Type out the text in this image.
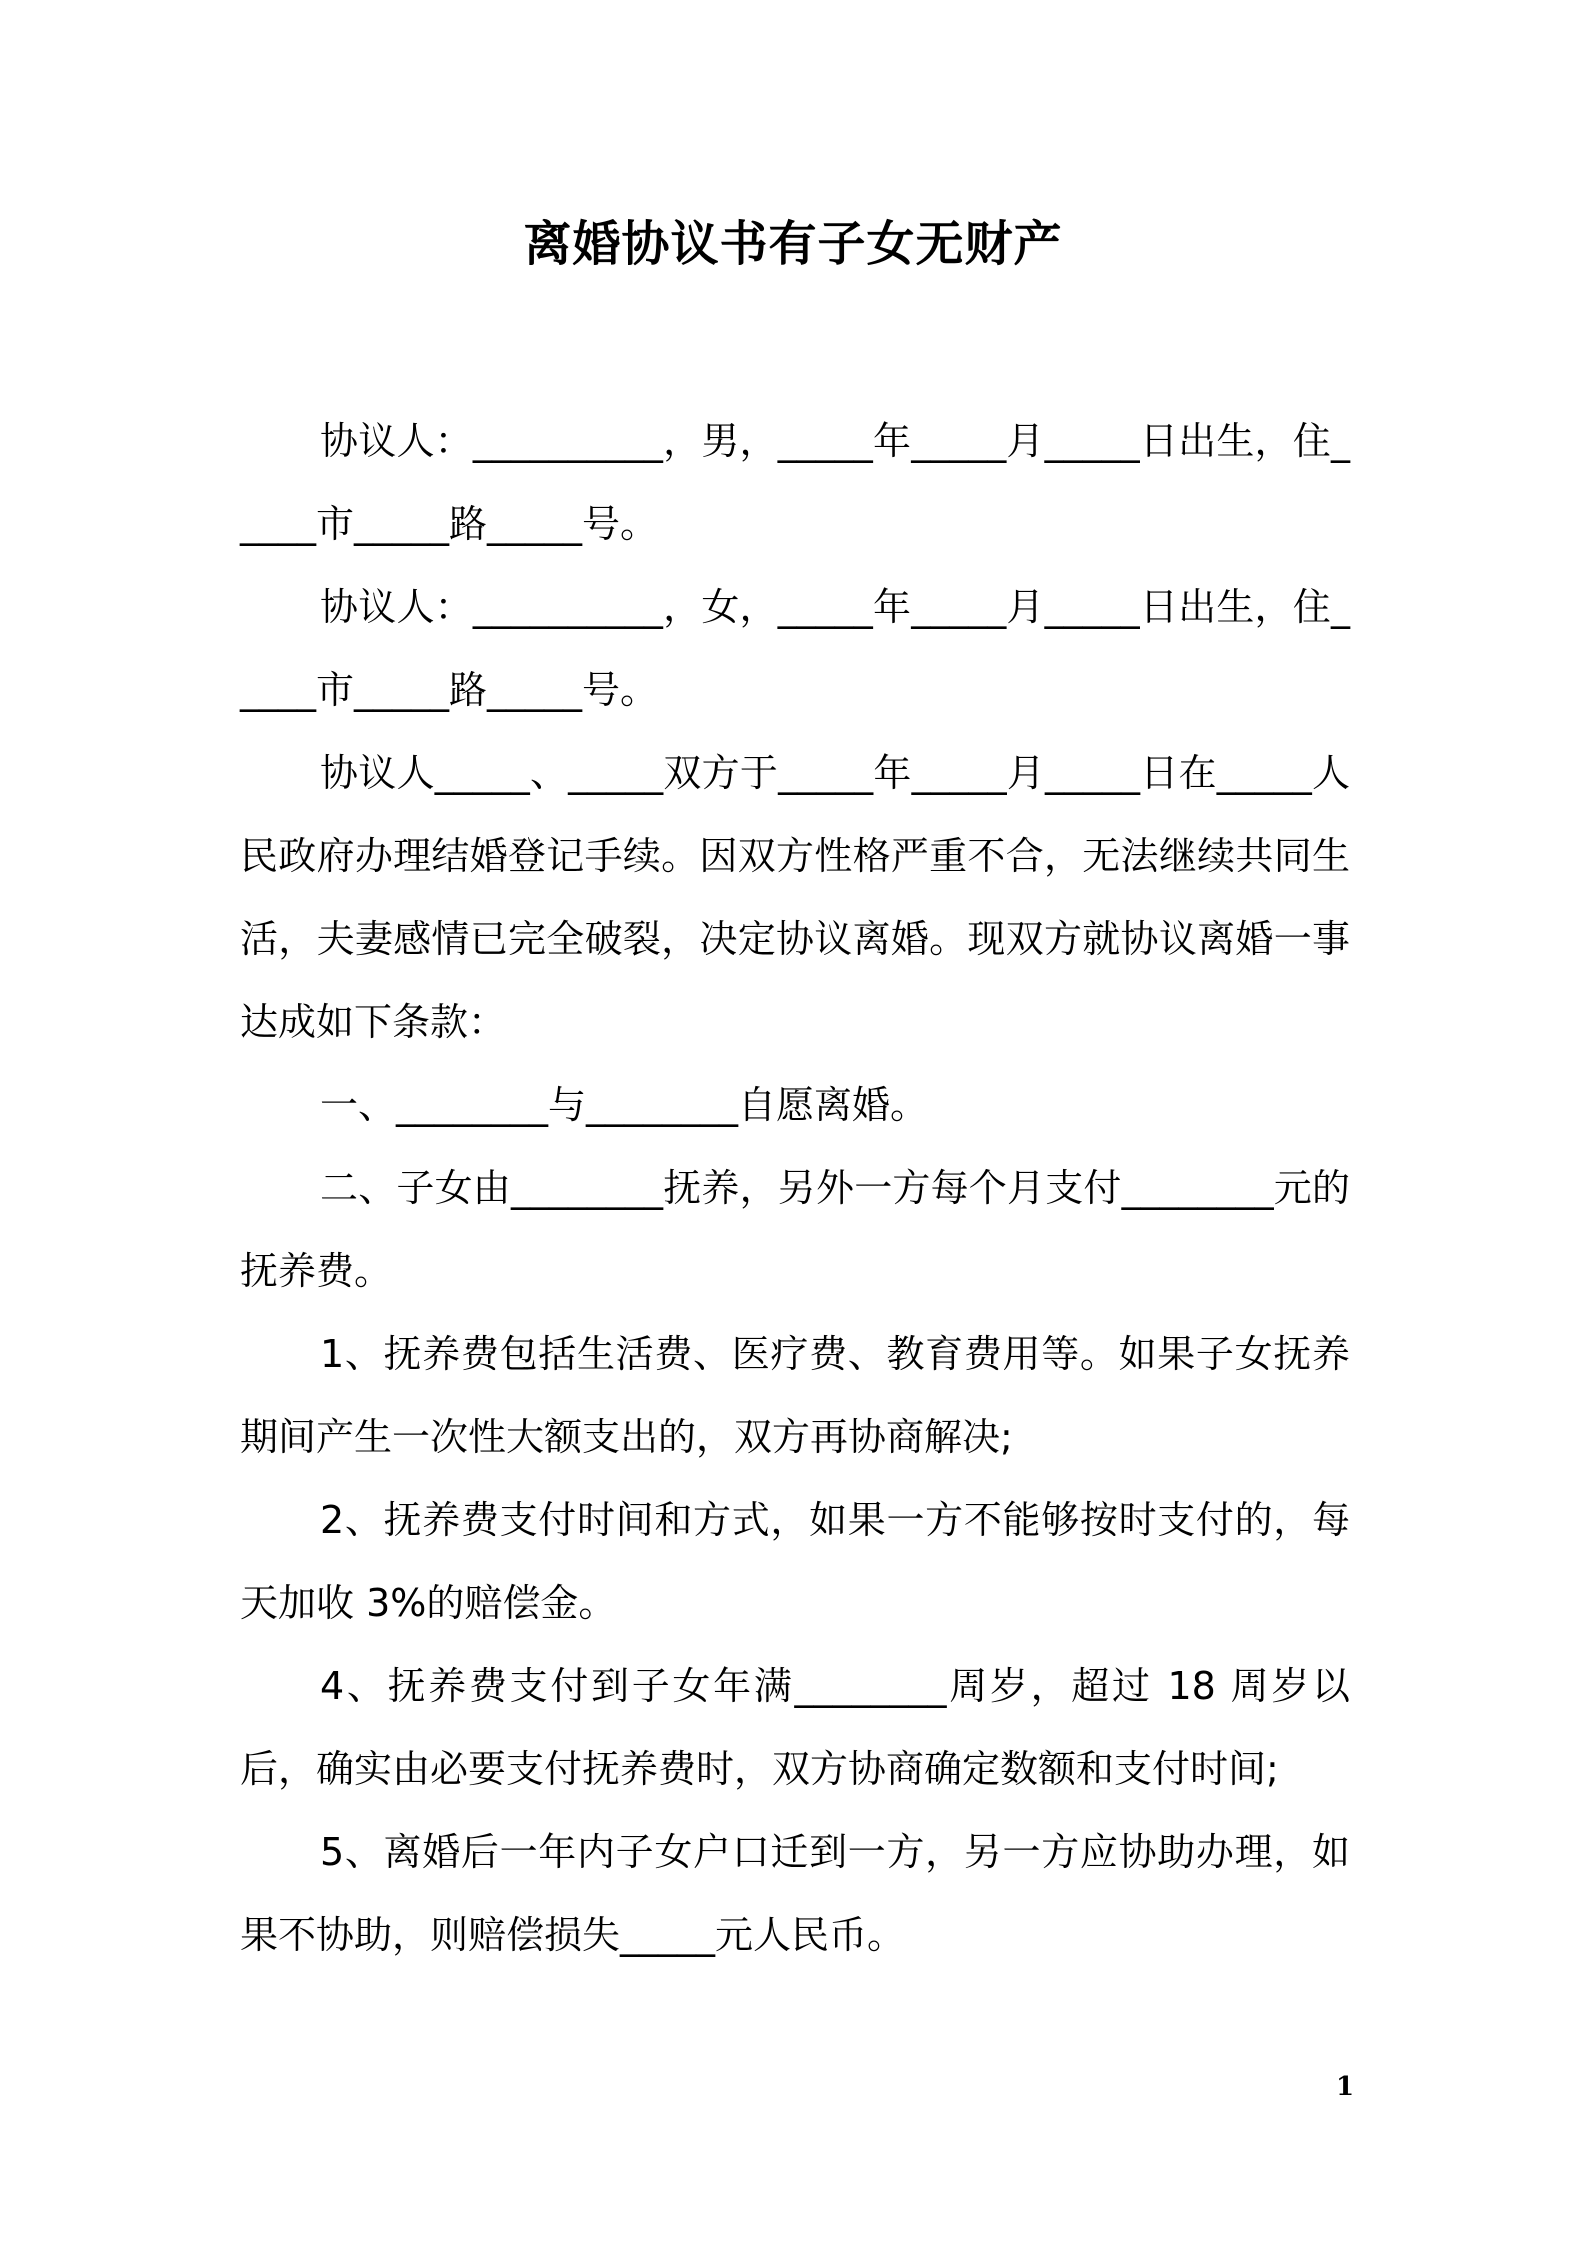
离婚协议书有子女无财产

协议人：__________，男，_____年_____月_____日出生，住_____市_____路_____号。

协议人：__________，女，_____年_____月_____日出生，住_____市_____路_____号。

协议人_____、_____双方于_____年_____月_____日在_____人民政府办理结婚登记手续。因双方性格严重不合，无法继续共同生活，夫妻感情已完全破裂，决定协议离婚。现双方就协议离婚一事达成如下条款：

一、________与________自愿离婚。

二、子女由________抚养，另外一方每个月支付________元的抚养费。

1、抚养费包括生活费、医疗费、教育费用等。如果子女抚养期间产生一次性大额支出的，双方再协商解决;

2、抚养费支付时间和方式，如果一方不能够按时支付的，每天加收 3%的赔偿金。

4、抚养费支付到子女年满________周岁，超过 18 周岁以后，确实由必要支付抚养费时，双方协商确定数额和支付时间;

5、离婚后一年内子女户口迁到一方，另一方应协助办理，如果不协助，则赔偿损失_____元人民币。

1
